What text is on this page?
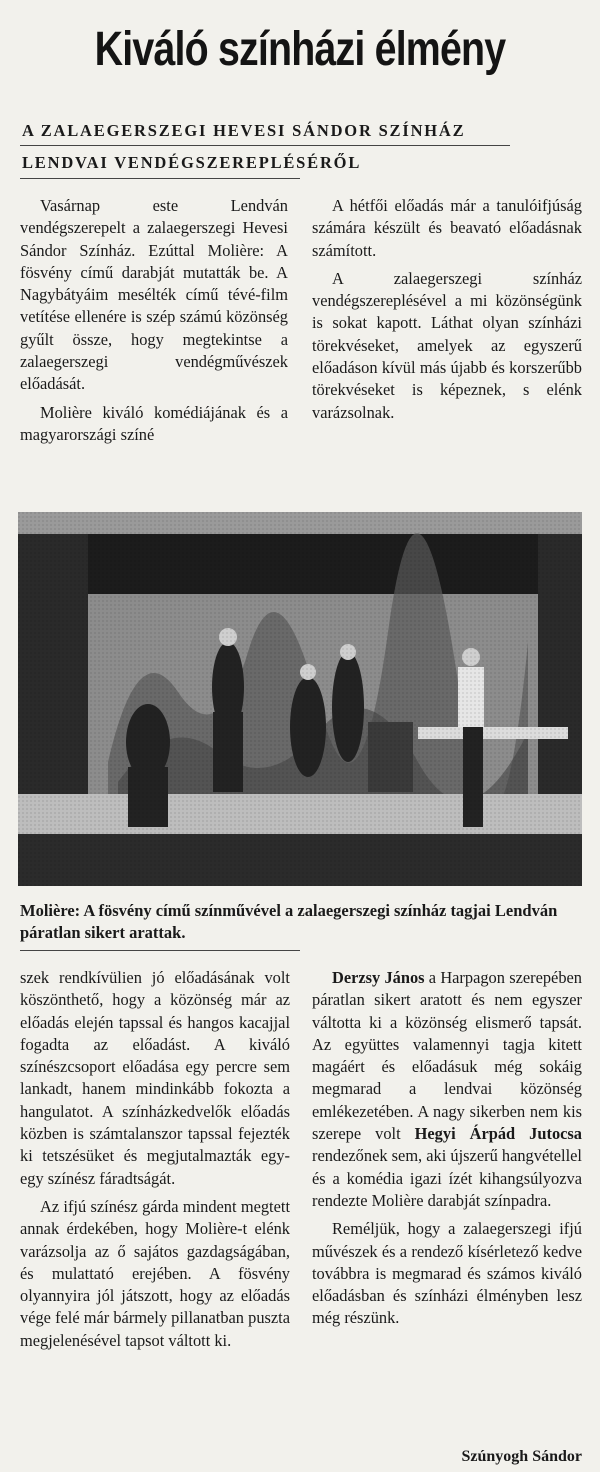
Kiváló színházi élmény
A ZALAEGERSZEGI HEVESI SÁNDOR SZÍNHÁZ
LENDVAI VENDÉGSZEREPLÉSÉRŐL

Vasárnap este Lendván vendégszerepelt a zalaegerszegi Hevesi Sándor Színház. Ezúttal Molière: A fösvény című darabját mutatták be. A Nagybátyáim mesélték című tévé-film vetítése ellenére is szép számú közönség gyűlt össze, hogy megtekintse a zalaegerszegi vendégművészek előadását.

Molière kiváló komédiájának és a magyarországi színé

A hétfői előadás már a tanulóifjúság számára készült és beavató előadásnak számított.

A zalaegerszegi színház vendégszereplésével a mi közönségünk is sokat kapott. Láthat olyan színházi törekvéseket, amelyek az egyszerű előadáson kívül más újabb és korszerűbb törekvéseket is képeznek, s elénk varázsolnak.

Molière: A fösvény című színművével a zalaegerszegi színház tagjai Lendván páratlan sikert arattak.

szek rendkívülien jó előadásának volt köszönthető, hogy a közönség már az előadás elején tapssal és hangos kacajjal fogadta az előadást. A kiváló színészcsoport előadása egy percre sem lankadt, hanem mindinkább fokozta a hangulatot. A színházkedvelők előadás közben is számtalanszor tapssal fejezték ki tetszésüket és megjutalmazták egy-egy színész fáradtságát.

Az ifjú színész gárda mindent megtett annak érdekében, hogy Molière-t elénk varázsolja az ő sajátos gazdagságában, és mulattató erejében. A fösvény olyannyira jól játszott, hogy az előadás vége felé már bármely pillanatban puszta megjelenésével tapsot váltott ki.

Derzsy János a Harpagon szerepében páratlan sikert aratott és nem egyszer váltotta ki a közönség elismerő tapsát. Az együttes valamennyi tagja kitett magáért és előadásuk még sokáig megmarad a lendvai közönség emlékezetében. A nagy sikerben nem kis szerepe volt Hegyi Árpád Jutocsa rendezőnek sem, aki újszerű hangvétellel és a komédia igazi ízét kihangsúlyozva rendezte Molière darabját színpadra.

Reméljük, hogy a zalaegerszegi ifjú művészek és a rendező kísérletező kedve továbbra is megmarad és számos kiváló előadásban és színházi élményben lesz még részünk.

Szúnyogh Sándor
